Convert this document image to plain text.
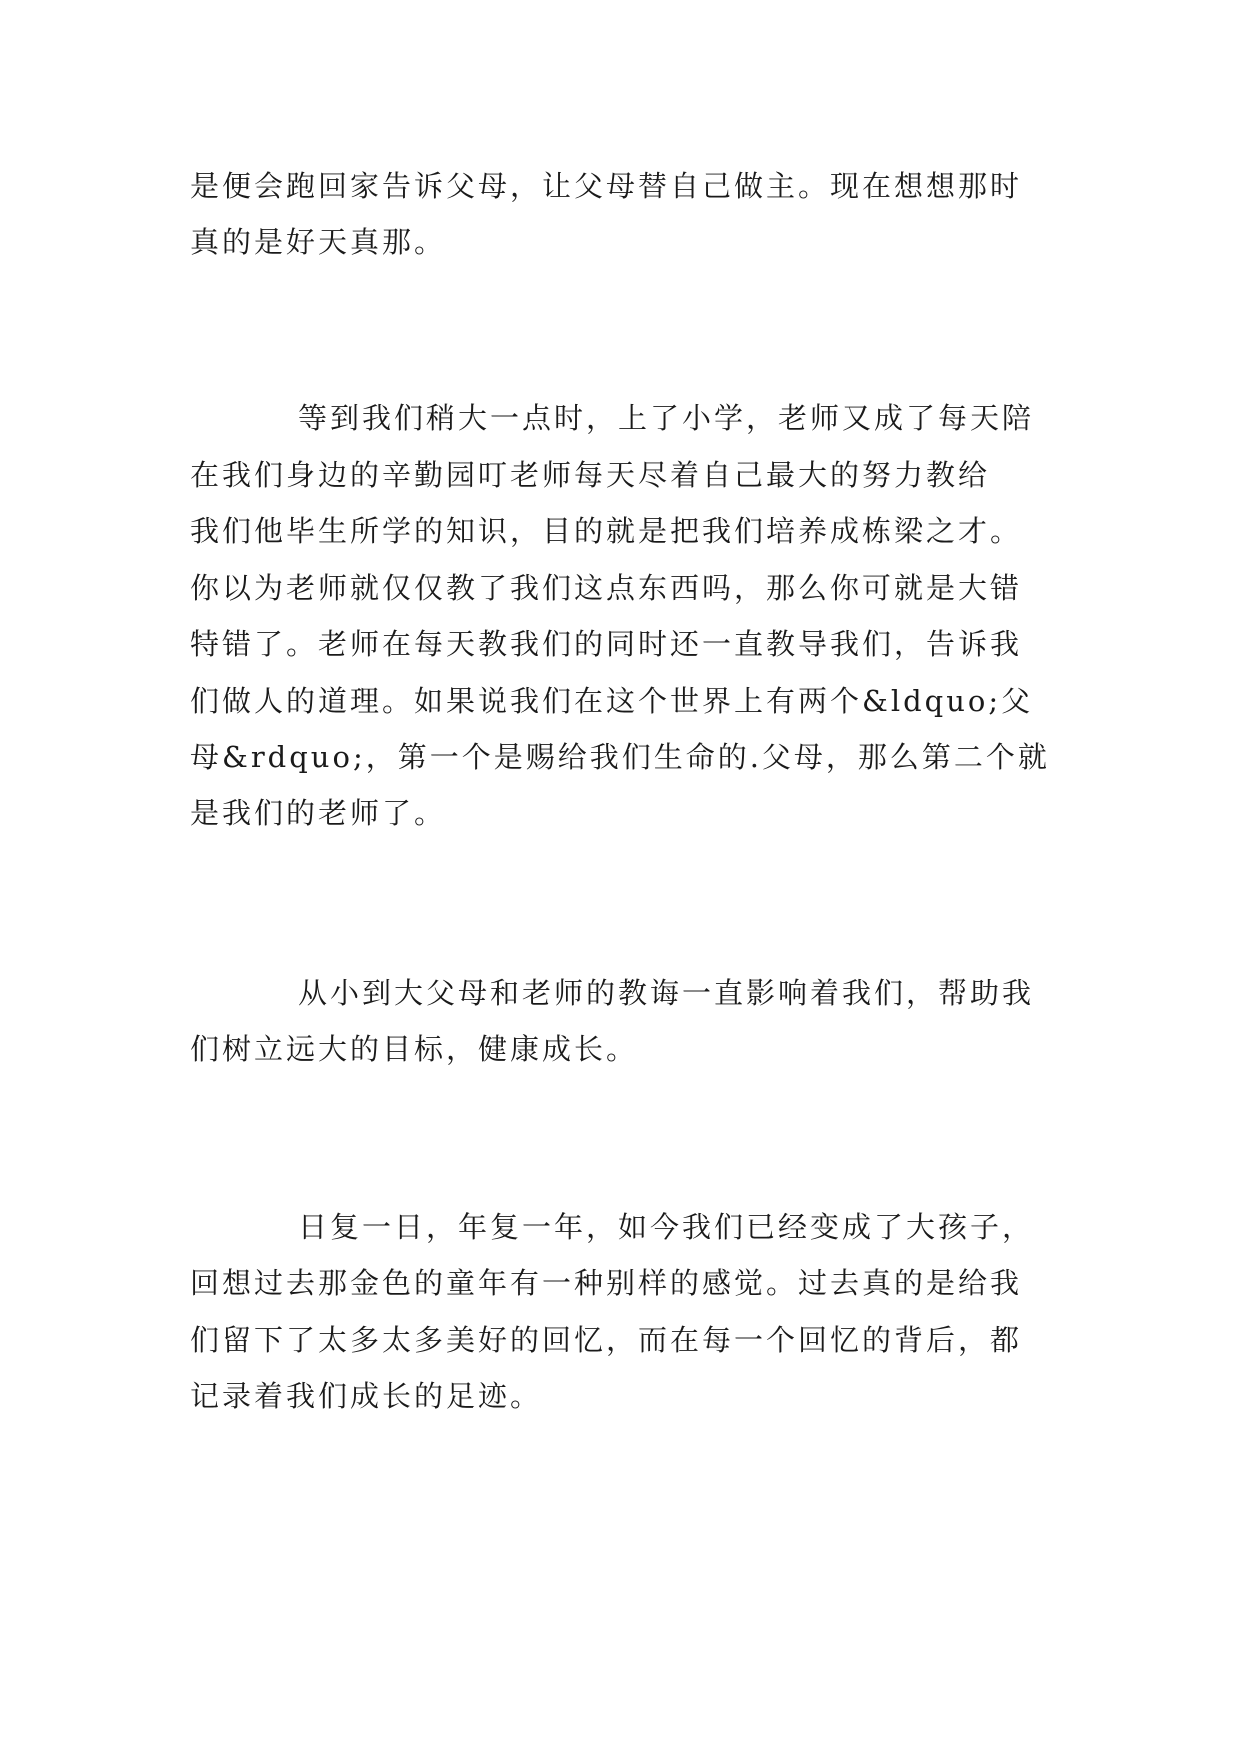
是便会跑回家告诉父母，让父母替自己做主。现在想想那时
真的是好天真那。
等到我们稍大一点时，上了小学，老师又成了每天陪
在我们身边的辛勤园叮老师每天尽着自己最大的努力教给
我们他毕生所学的知识，目的就是把我们培养成栋梁之才。
你以为老师就仅仅教了我们这点东西吗，那么你可就是大错
特错了。老师在每天教我们的同时还一直教导我们，告诉我
们做人的道理。如果说我们在这个世界上有两个&ldquo;父
母&rdquo;，第一个是赐给我们生命的.父母，那么第二个就
是我们的老师了。
从小到大父母和老师的教诲一直影响着我们，帮助我
们树立远大的目标，健康成长。
日复一日，年复一年，如今我们已经变成了大孩子，
回想过去那金色的童年有一种别样的感觉。过去真的是给我
们留下了太多太多美好的回忆，而在每一个回忆的背后，都
记录着我们成长的足迹。
